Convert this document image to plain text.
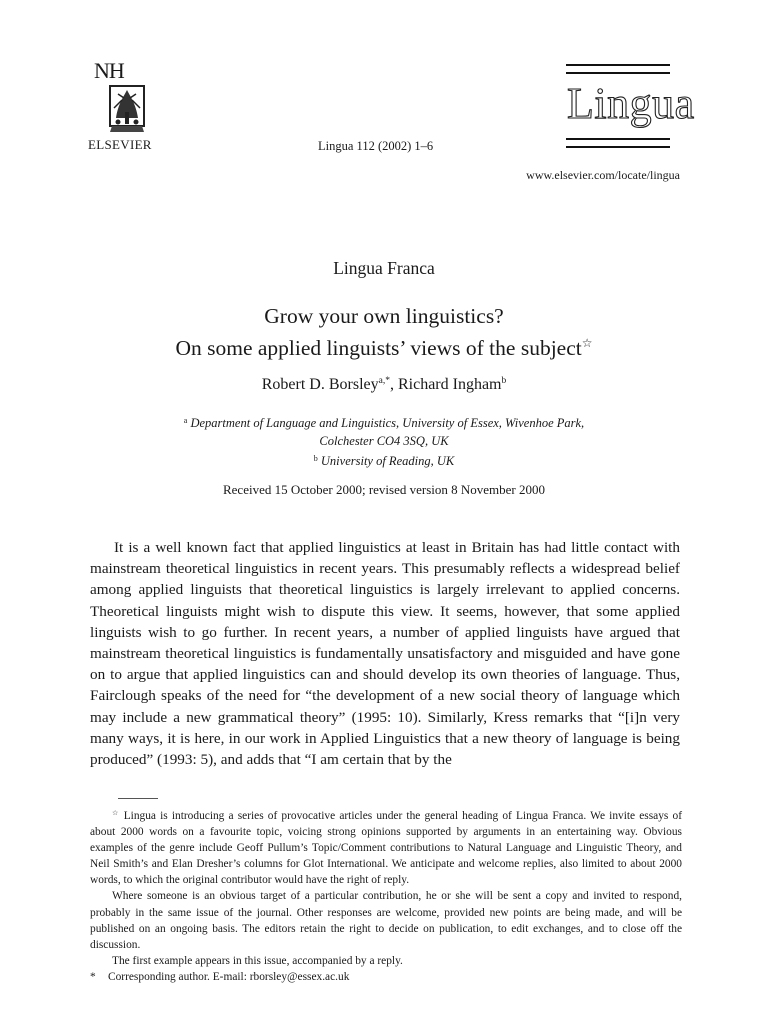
NH
ELSEVIER	Lingua 112 (2002) 1–6
Lingua
www.elsevier.com/locate/lingua
Lingua Franca
Grow your own linguistics?
On some applied linguists’ views of the subject☆
Robert D. Borsley$^{a,*}$, Richard Ingham$^b$
$^a$ Department of Language and Linguistics, University of Essex, Wivenhoe Park,
Colchester CO4 3SQ, UK
$^b$ University of Reading, UK
Received 15 October 2000; revised version 8 November 2000
It is a well known fact that applied linguistics at least in Britain has had little contact with mainstream theoretical linguistics in recent years. This presumably reflects a widespread belief among applied linguists that theoretical linguistics is largely irrelevant to applied concerns. Theoretical linguists might wish to dispute this view. It seems, however, that some applied linguists wish to go further. In recent years, a number of applied linguists have argued that mainstream theoretical linguistics is fundamentally unsatisfactory and misguided and have gone on to argue that applied linguistics can and should develop its own theories of language. Thus, Fairclough speaks of the need for “the development of a new social theory of language which may include a new grammatical theory” (1995: 10). Similarly, Kress remarks that “[i]n very many ways, it is here, in our work in Applied Linguistics that a new theory of language is being produced” (1993: 5), and adds that “I am certain that by the

☆ Lingua is introducing a series of provocative articles under the general heading of Lingua Franca. We invite essays of about 2000 words on a favourite topic, voicing strong opinions supported by arguments in an entertaining way. Obvious examples of the genre include Geoff Pullum’s Topic/Comment contributions to Natural Language and Linguistic Theory, and Neil Smith’s and Elan Dresher’s columns for Glot International. We anticipate and welcome replies, also limited to about 2000 words, to which the original contributor would have the right of reply.

Where someone is an obvious target of a particular contribution, he or she will be sent a copy and invited to respond, probably in the same issue of the journal. Other responses are welcome, provided new points are being made, and will be published on an ongoing basis. The editors retain the right to decide on publication, to edit exchanges, and to close off the discussion.

The first example appears in this issue, accompanied by a reply.

* Corresponding author. E-mail: rborsley@essex.ac.uk
